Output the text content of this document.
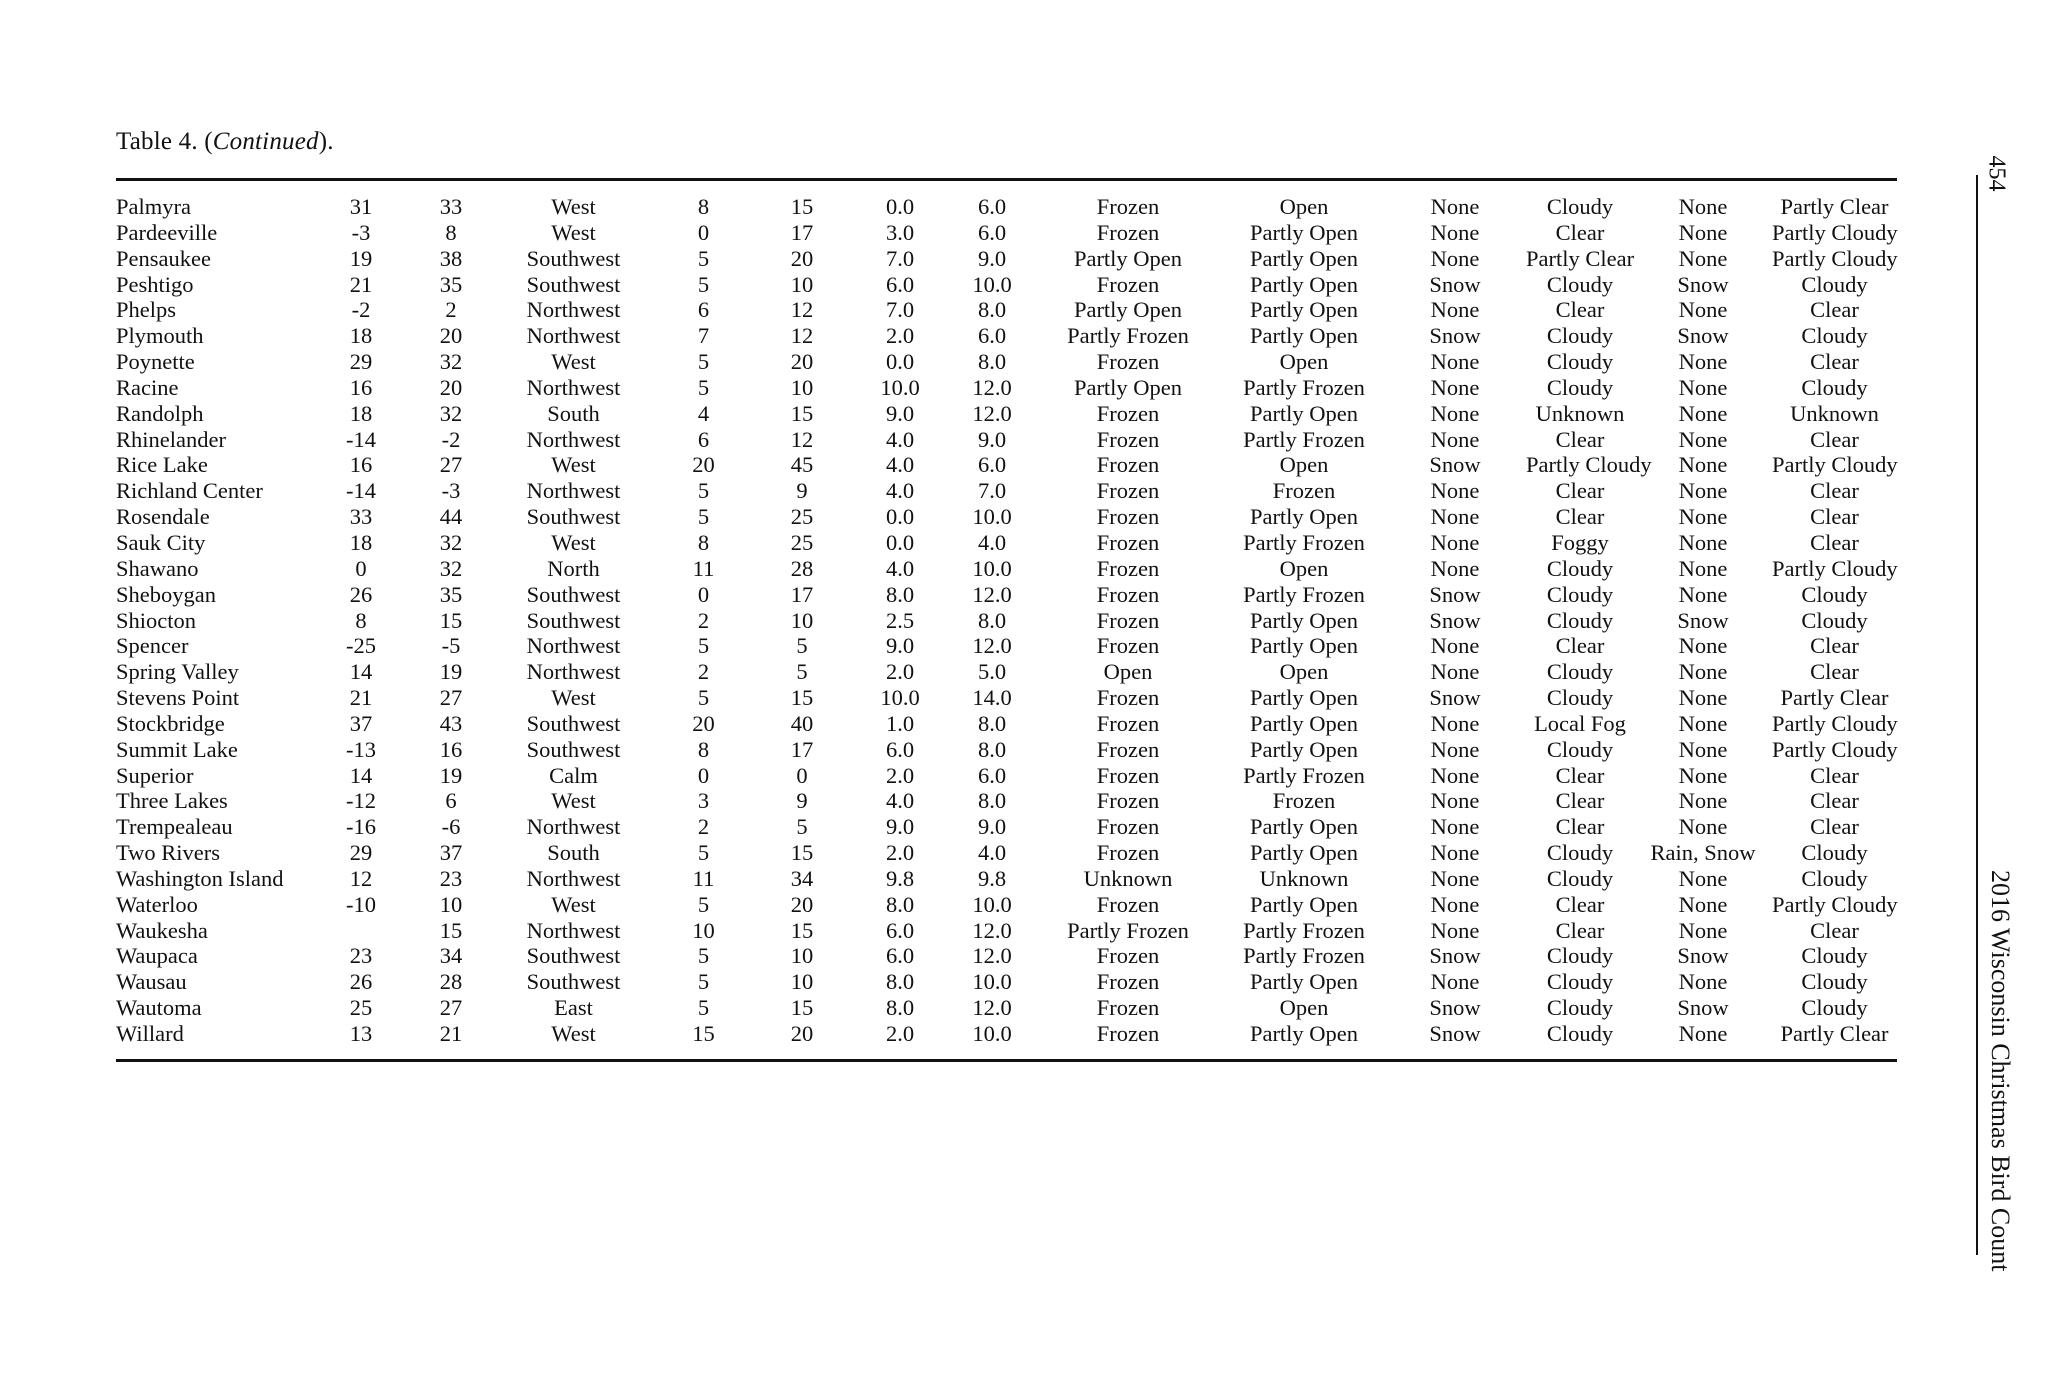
Table 4. (Continued).
Palmyra	31	33	West	8	15	0.0	6.0	Frozen	Open	None	Cloudy	None	Partly Clear
Pardeeville	-3	8	West	0	17	3.0	6.0	Frozen	Partly Open	None	Clear	None	Partly Cloudy
Pensaukee	19	38	Southwest	5	20	7.0	9.0	Partly Open	Partly Open	None	Partly Clear	None	Partly Cloudy
Peshtigo	21	35	Southwest	5	10	6.0	10.0	Frozen	Partly Open	Snow	Cloudy	Snow	Cloudy
Phelps	-2	2	Northwest	6	12	7.0	8.0	Partly Open	Partly Open	None	Clear	None	Clear
Plymouth	18	20	Northwest	7	12	2.0	6.0	Partly Frozen	Partly Open	Snow	Cloudy	Snow	Cloudy
Poynette	29	32	West	5	20	0.0	8.0	Frozen	Open	None	Cloudy	None	Clear
Racine	16	20	Northwest	5	10	10.0	12.0	Partly Open	Partly Frozen	None	Cloudy	None	Cloudy
Randolph	18	32	South	4	15	9.0	12.0	Frozen	Partly Open	None	Unknown	None	Unknown
Rhinelander	-14	-2	Northwest	6	12	4.0	9.0	Frozen	Partly Frozen	None	Clear	None	Clear
Rice Lake	16	27	West	20	45	4.0	6.0	Frozen	Open	Snow	Partly Cloudy	None	Partly Cloudy
Richland Center	-14	-3	Northwest	5	9	4.0	7.0	Frozen	Frozen	None	Clear	None	Clear
Rosendale	33	44	Southwest	5	25	0.0	10.0	Frozen	Partly Open	None	Clear	None	Clear
Sauk City	18	32	West	8	25	0.0	4.0	Frozen	Partly Frozen	None	Foggy	None	Clear
Shawano	0	32	North	11	28	4.0	10.0	Frozen	Open	None	Cloudy	None	Partly Cloudy
Sheboygan	26	35	Southwest	0	17	8.0	12.0	Frozen	Partly Frozen	Snow	Cloudy	None	Cloudy
Shiocton	8	15	Southwest	2	10	2.5	8.0	Frozen	Partly Open	Snow	Cloudy	Snow	Cloudy
Spencer	-25	-5	Northwest	5	5	9.0	12.0	Frozen	Partly Open	None	Clear	None	Clear
Spring Valley	14	19	Northwest	2	5	2.0	5.0	Open	Open	None	Cloudy	None	Clear
Stevens Point	21	27	West	5	15	10.0	14.0	Frozen	Partly Open	Snow	Cloudy	None	Partly Clear
Stockbridge	37	43	Southwest	20	40	1.0	8.0	Frozen	Partly Open	None	Local Fog	None	Partly Cloudy
Summit Lake	-13	16	Southwest	8	17	6.0	8.0	Frozen	Partly Open	None	Cloudy	None	Partly Cloudy
Superior	14	19	Calm	0	0	2.0	6.0	Frozen	Partly Frozen	None	Clear	None	Clear
Three Lakes	-12	6	West	3	9	4.0	8.0	Frozen	Frozen	None	Clear	None	Clear
Trempealeau	-16	-6	Northwest	2	5	9.0	9.0	Frozen	Partly Open	None	Clear	None	Clear
Two Rivers	29	37	South	5	15	2.0	4.0	Frozen	Partly Open	None	Cloudy	Rain, Snow	Cloudy
Washington Island	12	23	Northwest	11	34	9.8	9.8	Unknown	Unknown	None	Cloudy	None	Cloudy
Waterloo	-10	10	West	5	20	8.0	10.0	Frozen	Partly Open	None	Clear	None	Partly Cloudy
Waukesha		15	Northwest	10	15	6.0	12.0	Partly Frozen	Partly Frozen	None	Clear	None	Clear
Waupaca	23	34	Southwest	5	10	6.0	12.0	Frozen	Partly Frozen	Snow	Cloudy	Snow	Cloudy
Wausau	26	28	Southwest	5	10	8.0	10.0	Frozen	Partly Open	None	Cloudy	None	Cloudy
Wautoma	25	27	East	5	15	8.0	12.0	Frozen	Open	Snow	Cloudy	Snow	Cloudy
Willard	13	21	West	15	20	2.0	10.0	Frozen	Partly Open	Snow	Cloudy	None	Partly Clear
454
2016 Wisconsin Christmas Bird Count
